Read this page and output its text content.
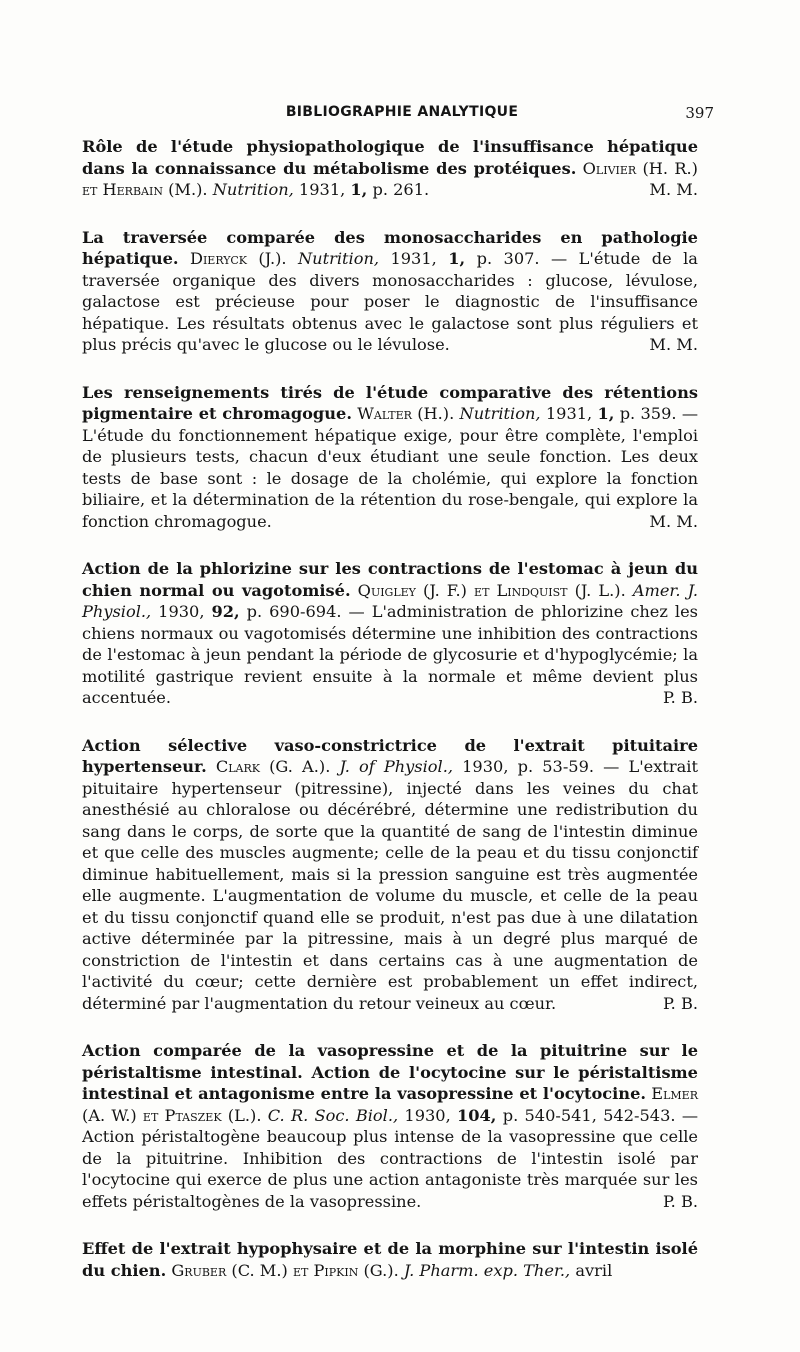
BIBLIOGRAPHIE ANALYTIQUE	397

Rôle de l'étude physiopathologique de l'insuffisance hépatique dans la connaissance du métabolisme des protéiques. Olivier (H. R.) et Herbain (M.). Nutrition, 1931, 1, p. 261.	M. M.

La traversée comparée des monosaccharides en pathologie hépatique. Dieryck (J.). Nutrition, 1931, 1, p. 307. — L'étude de la traversée organique des divers monosaccharides : glucose, lévulose, galactose est précieuse pour poser le diagnostic de l'insuffisance hépatique. Les résultats obtenus avec le galactose sont plus réguliers et plus précis qu'avec le glucose ou le lévulose.	M. M.

Les renseignements tirés de l'étude comparative des rétentions pigmentaire et chromagogue. Walter (H.). Nutrition, 1931, 1, p. 359. — L'étude du fonctionnement hépatique exige, pour être complète, l'emploi de plusieurs tests, chacun d'eux étudiant une seule fonction. Les deux tests de base sont : le dosage de la cholémie, qui explore la fonction biliaire, et la détermination de la rétention du rose-bengale, qui explore la fonction chromagogue.	M. M.

Action de la phlorizine sur les contractions de l'estomac à jeun du chien normal ou vagotomisé. Quigley (J. F.) et Lindquist (J. L.). Amer. J. Physiol., 1930, 92, p. 690-694. — L'administration de phlorizine chez les chiens normaux ou vagotomisés détermine une inhibition des contractions de l'estomac à jeun pendant la période de glycosurie et d'hypoglycémie; la motilité gastrique revient ensuite à la normale et même devient plus accentuée.	P. B.

Action sélective vaso-constrictrice de l'extrait pituitaire hypertenseur. Clark (G. A.). J. of Physiol., 1930, p. 53-59. — L'extrait pituitaire hypertenseur (pitressine), injecté dans les veines du chat anesthésié au chloralose ou décérébré, détermine une redistribution du sang dans le corps, de sorte que la quantité de sang de l'intestin diminue et que celle des muscles augmente; celle de la peau et du tissu conjonctif diminue habituellement, mais si la pression sanguine est très augmentée elle augmente. L'augmentation de volume du muscle, et celle de la peau et du tissu conjonctif quand elle se produit, n'est pas due à une dilatation active déterminée par la pitressine, mais à un degré plus marqué de constriction de l'intestin et dans certains cas à une augmentation de l'activité du cœur; cette dernière est probablement un effet indirect, déterminé par l'augmentation du retour veineux au cœur.	P. B.

Action comparée de la vasopressine et de la pituitrine sur le péristaltisme intestinal. Action de l'ocytocine sur le péristaltisme intestinal et antagonisme entre la vasopressine et l'ocytocine. Elmer (A. W.) et Ptaszek (L.). C. R. Soc. Biol., 1930, 104, p. 540-541, 542-543. — Action péristaltogène beaucoup plus intense de la vasopressine que celle de la pituitrine. Inhibition des contractions de l'intestin isolé par l'ocytocine qui exerce de plus une action antagoniste très marquée sur les effets péristaltogènes de la vasopressine.	P. B.

Effet de l'extrait hypophysaire et de la morphine sur l'intestin isolé du chien. Gruber (C. M.) et Pipkin (G.). J. Pharm. exp. Ther., avril
